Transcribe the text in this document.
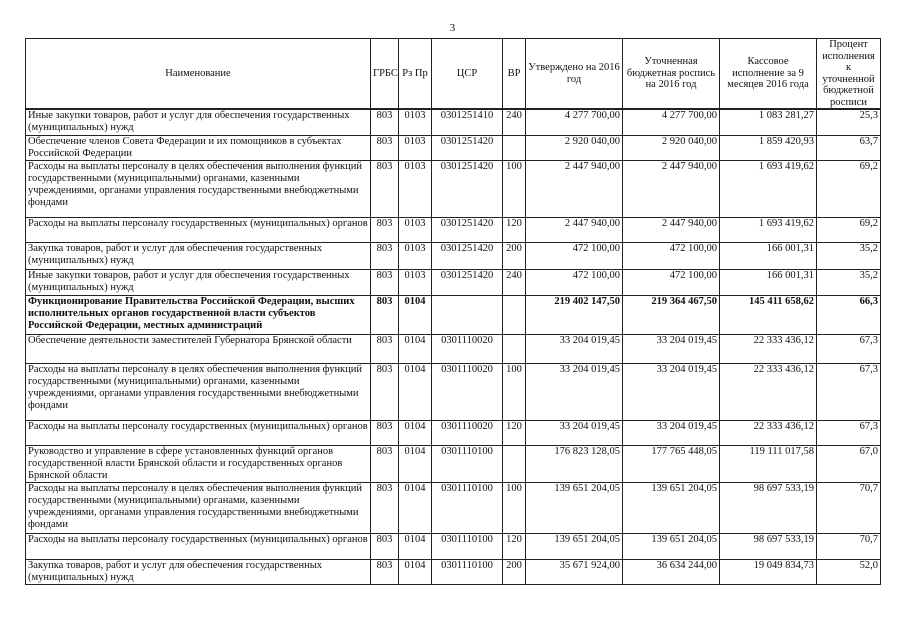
3
Наименование	ГРБС	Рз Пр	ЦСР	ВР	Утверждено на 2016 год	Уточненная бюджетная роспись на 2016 год	Кассовое исполнение за 9 месяцев 2016 года	Процент исполнения к уточненной бюджетной росписи
Иные закупки товаров, работ и услуг для обеспечения государственных (муниципальных) нужд	803	0103	0301251410	240	4 277 700,00	4 277 700,00	1 083 281,27	25,3
Обеспечение членов Совета Федерации и их помощников в субъектах Российской Федерации	803	0103	0301251420		2 920 040,00	2 920 040,00	1 859 420,93	63,7
Расходы на выплаты персоналу в целях обеспечения выполнения функций государственными (муниципальными) органами, казенными учреждениями, органами управления государственными внебюджетными фондами	803	0103	0301251420	100	2 447 940,00	2 447 940,00	1 693 419,62	69,2
Расходы на выплаты персоналу государственных (муниципальных) органов	803	0103	0301251420	120	2 447 940,00	2 447 940,00	1 693 419,62	69,2
Закупка товаров, работ и услуг для обеспечения государственных (муниципальных) нужд	803	0103	0301251420	200	472 100,00	472 100,00	166 001,31	35,2
Иные закупки товаров, работ и услуг для обеспечения государственных (муниципальных) нужд	803	0103	0301251420	240	472 100,00	472 100,00	166 001,31	35,2
Функционирование Правительства Российской Федерации, высших исполнительных органов государственной власти субъектов Российской Федерации, местных администраций	803	0104			219 402 147,50	219 364 467,50	145 411 658,62	66,3
Обеспечение деятельности заместителей Губернатора Брянской области	803	0104	0301110020		33 204 019,45	33 204 019,45	22 333 436,12	67,3
Расходы на выплаты персоналу в целях обеспечения выполнения функций государственными (муниципальными) органами, казенными учреждениями, органами управления государственными внебюджетными фондами	803	0104	0301110020	100	33 204 019,45	33 204 019,45	22 333 436,12	67,3
Расходы на выплаты персоналу государственных (муниципальных) органов	803	0104	0301110020	120	33 204 019,45	33 204 019,45	22 333 436,12	67,3
Руководство и управление в сфере установленных функций органов государственной власти Брянской области и государственных органов Брянской области	803	0104	0301110100		176 823 128,05	177 765 448,05	119 111 017,58	67,0
Расходы на выплаты персоналу в целях обеспечения выполнения функций государственными (муниципальными) органами, казенными учреждениями, органами управления государственными внебюджетными фондами	803	0104	0301110100	100	139 651 204,05	139 651 204,05	98 697 533,19	70,7
Расходы на выплаты персоналу государственных (муниципальных) органов	803	0104	0301110100	120	139 651 204,05	139 651 204,05	98 697 533,19	70,7
Закупка товаров, работ и услуг для обеспечения государственных (муниципальных) нужд	803	0104	0301110100	200	35 671 924,00	36 634 244,00	19 049 834,73	52,0
